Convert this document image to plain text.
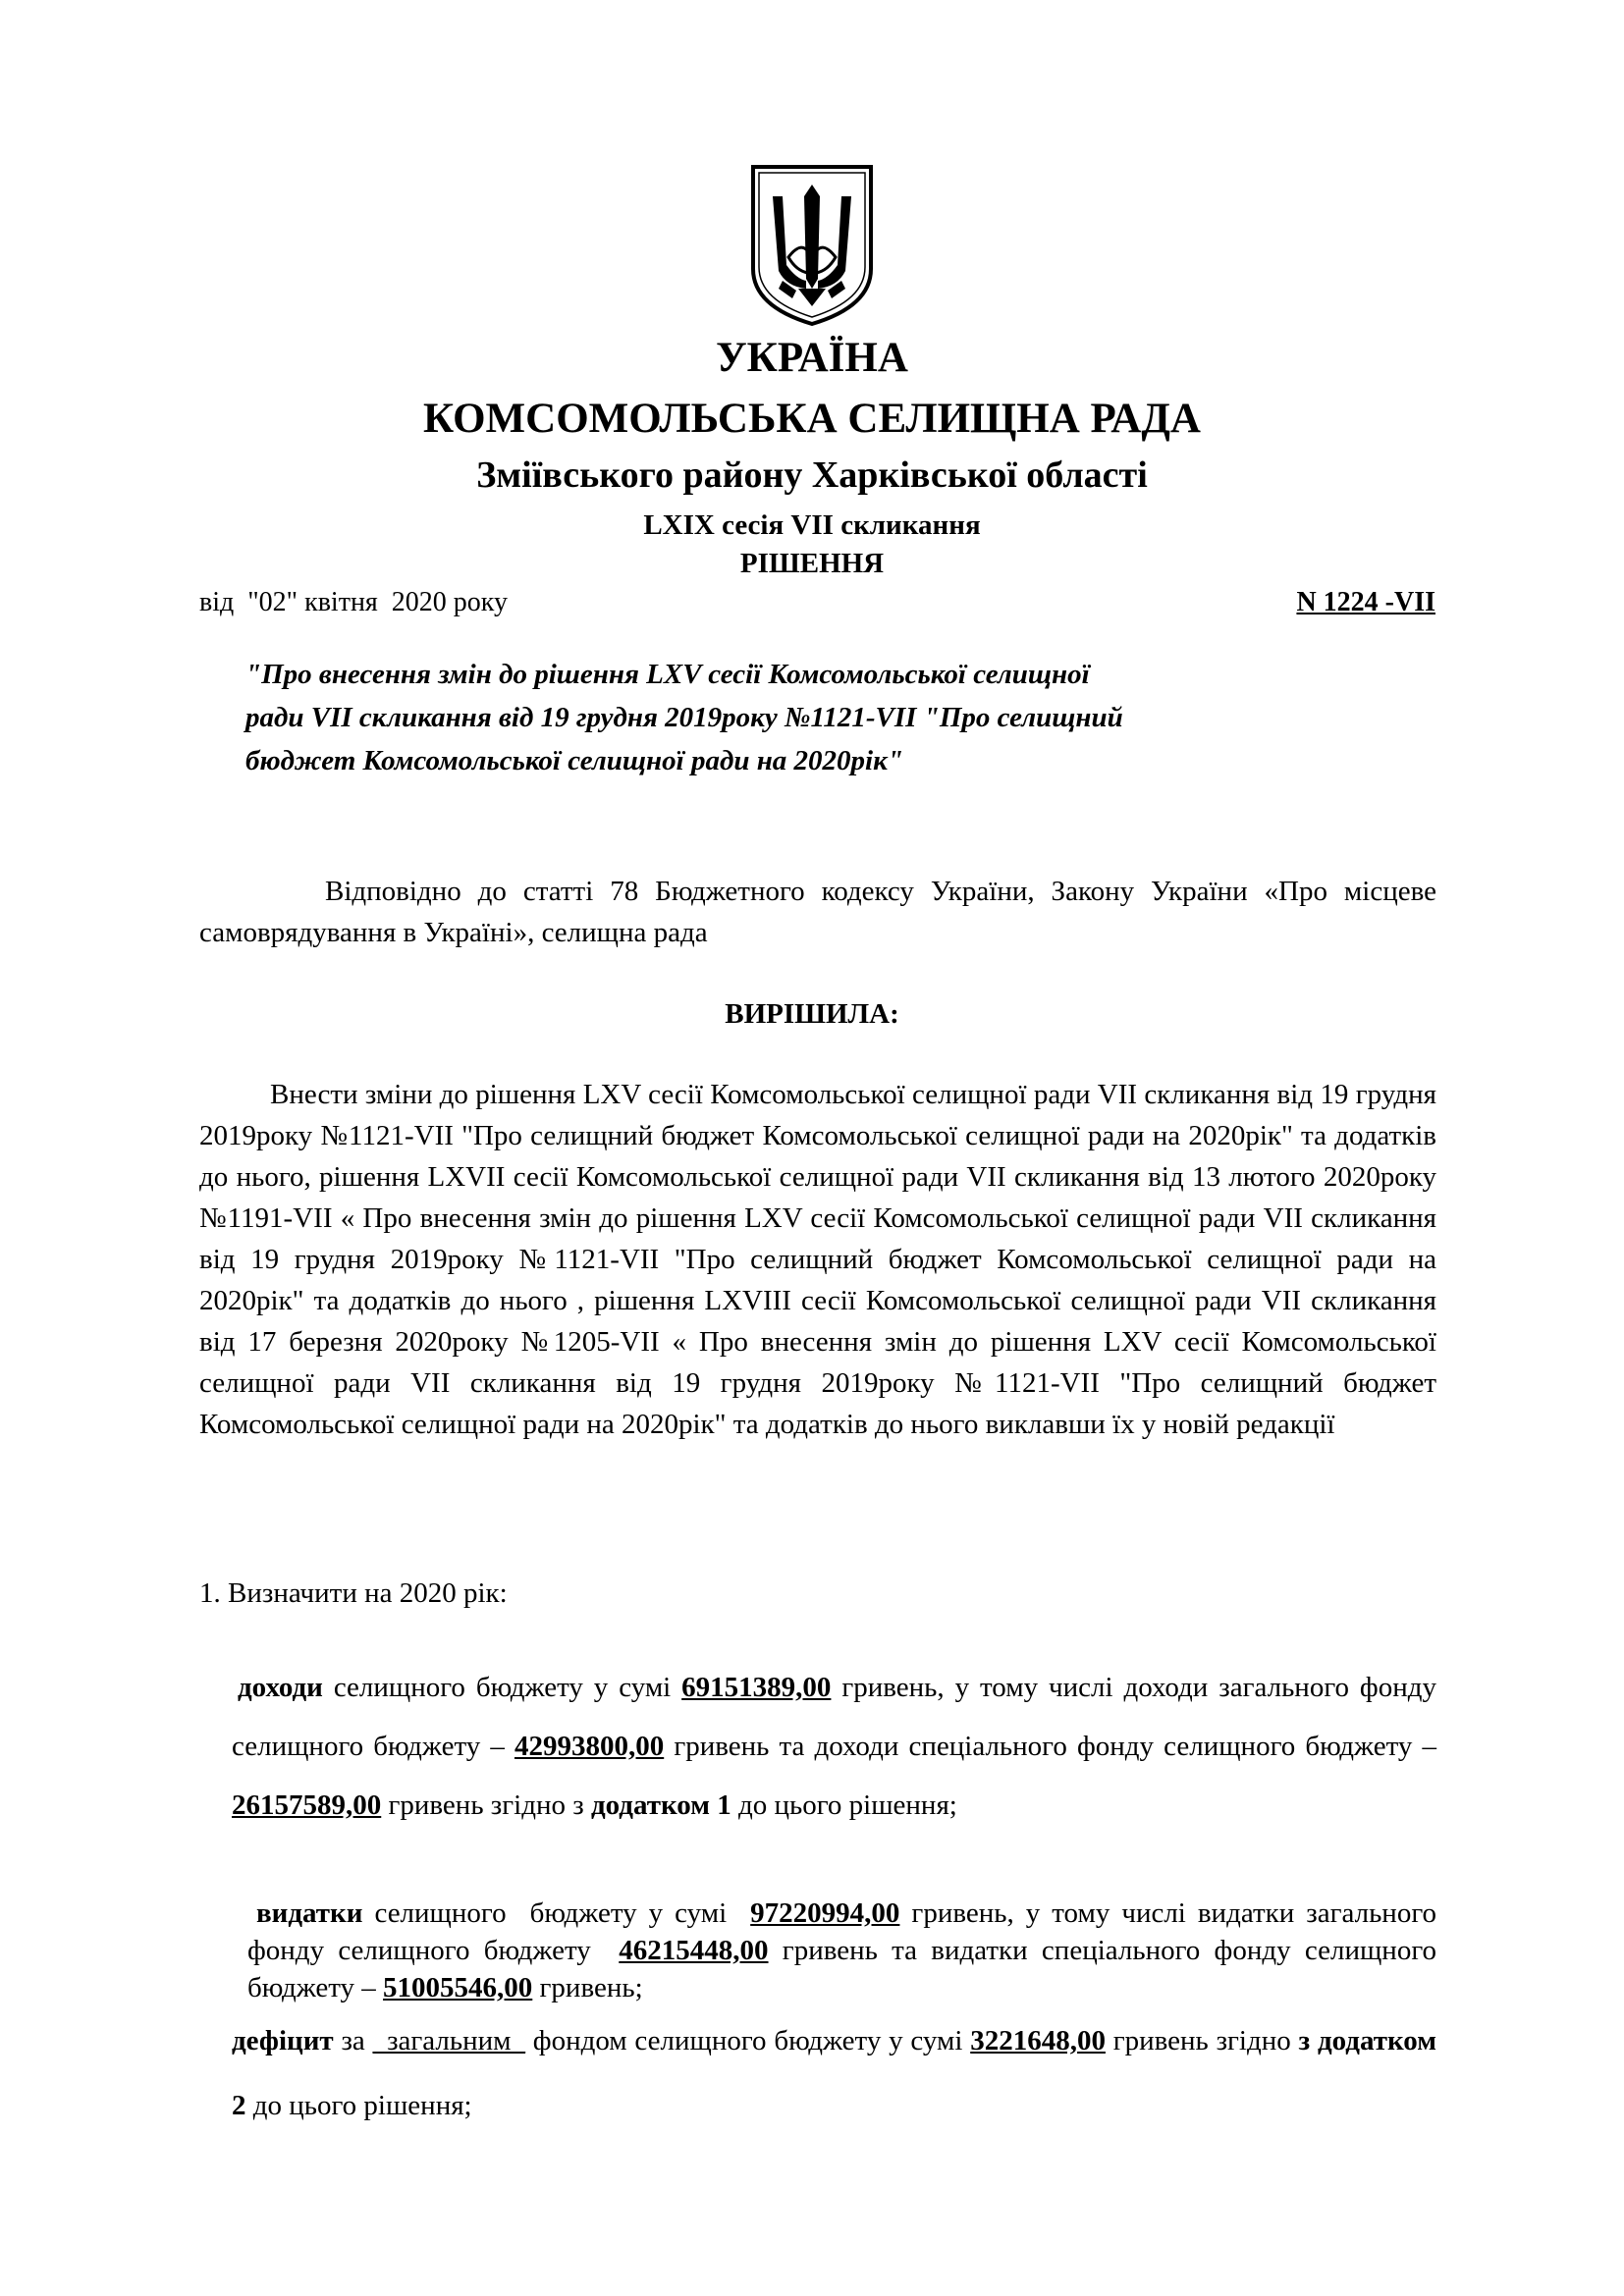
УКРАЇНА
КОМСОМОЛЬСЬКА СЕЛИЩНА РАДА
Зміївського району Харківської області
LXIX сесія VII скликання
РІШЕННЯ
від  "02" квітня  2020 року	N 1224 -VII
"Про внесення змін до рішення LXV сесії Комсомольської селищної ради VII скликання від 19 грудня 2019року №1121-VII "Про селищний бюджет Комсомольської селищної ради на 2020рік"
Відповідно до статті 78 Бюджетного кодексу України, Закону України «Про місцеве самоврядування в Україні», селищна рада
ВИРІШИЛА:
Внести зміни до рішення LXV сесії Комсомольської селищної ради VII скликання від 19 грудня 2019року №1121-VII "Про селищний бюджет Комсомольської селищної ради на 2020рік" та додатків до нього, рішення LXVII сесії Комсомольської селищної ради VII скликання від 13 лютого 2020року №1191-VII « Про внесення змін до рішення LXV сесії Комсомольської селищної ради VII скликання від 19 грудня 2019року №1121-VII "Про селищний бюджет Комсомольської селищної ради на 2020рік" та додатків до нього , рішення LXVIII сесії Комсомольської селищної ради VII скликання від 17 березня 2020року №1205-VII « Про внесення змін до рішення LXV сесії Комсомольської селищної ради VII скликання від 19 грудня 2019року №1121-VII "Про селищний бюджет Комсомольської селищної ради на 2020рік" та додатків до нього виклавши їх у новій редакції
1. Визначити на 2020 рік:
доходи селищного бюджету у сумі 69151389,00 гривень, у тому числі доходи загального фонду селищного бюджету – 42993800,00 гривень та доходи спеціального фонду селищного бюджету – 26157589,00 гривень згідно з додатком 1 до цього рішення;
видатки селищного  бюджету у сумі  97220994,00 гривень, у тому числі видатки загального фонду селищного бюджету  46215448,00 гривень та видатки спеціального фонду селищного бюджету – 51005546,00 гривень;
дефіцит за _загальним_ фондом селищного бюджету у сумі 3221648,00 гривень згідно з додатком 2 до цього рішення;
